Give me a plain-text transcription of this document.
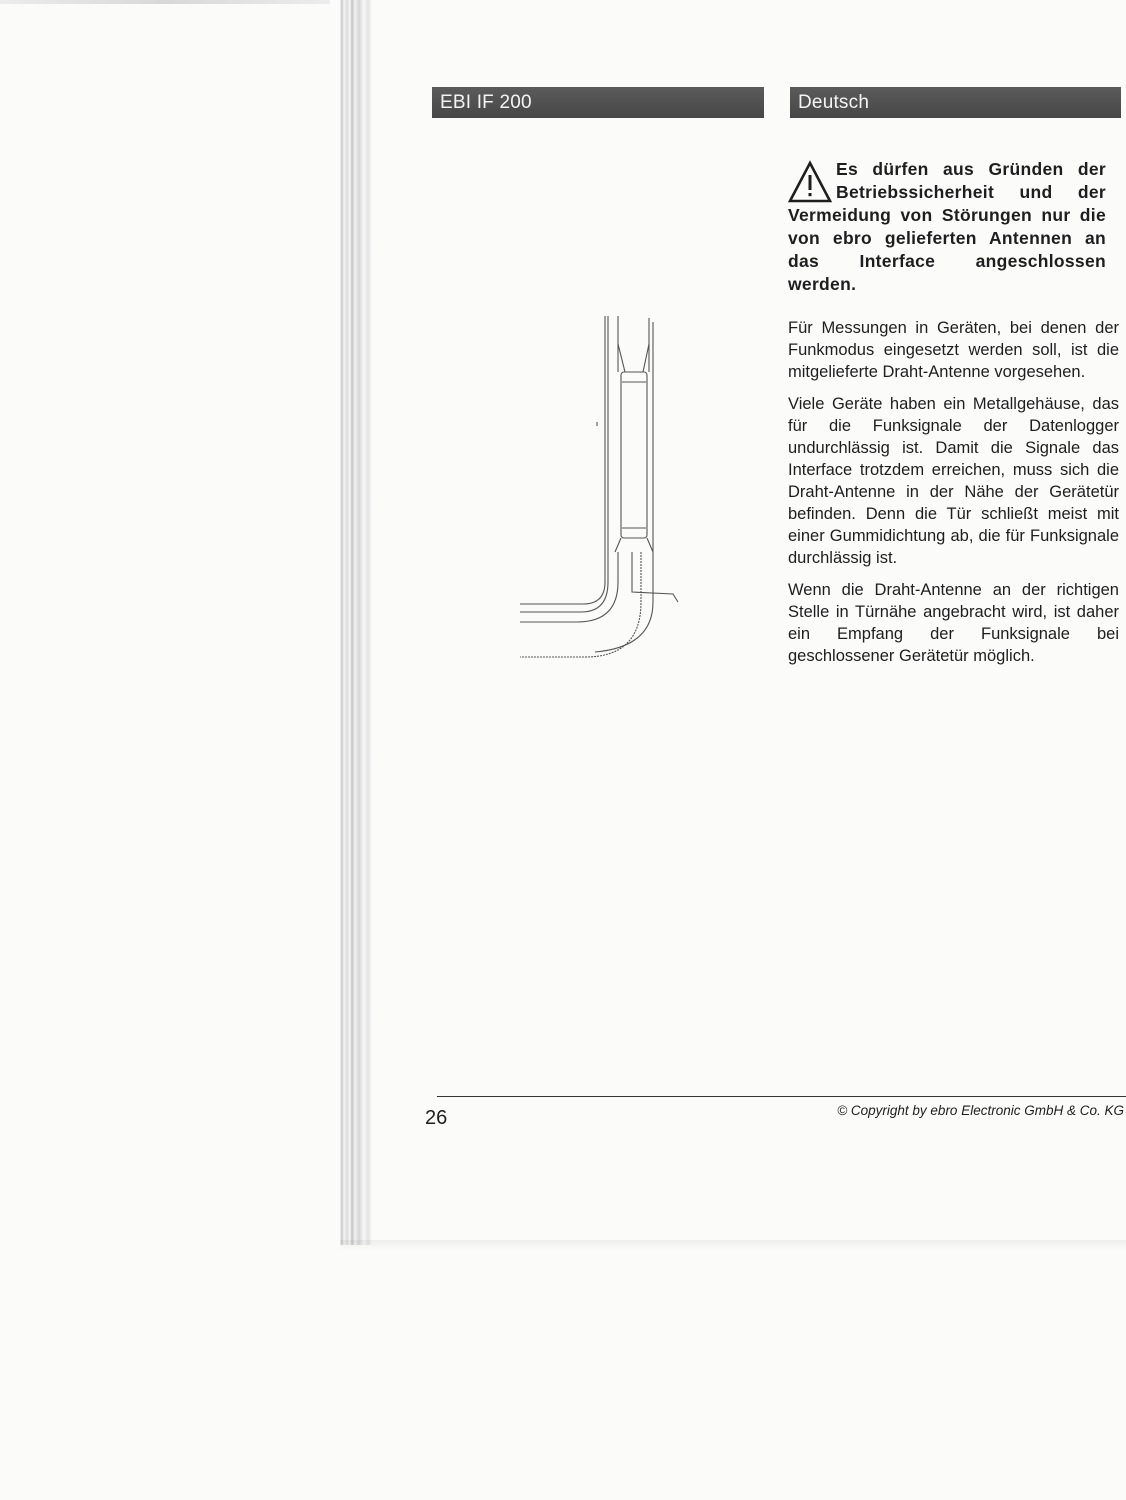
EBI IF 200	Deutsch
Es dürfen aus Gründen der Betriebssicherheit und der Vermeidung von Störungen nur die von ebro gelieferten Antennen an das Interface angeschlossen werden.

Für Messungen in Geräten, bei denen der Funkmodus eingesetzt werden soll, ist die mitgelieferte Draht-Antenne vorgesehen.

Viele Geräte haben ein Metallgehäuse, das für die Funksignale der Datenlogger undurchlässig ist. Damit die Signale das Interface trotzdem erreichen, muss sich die Draht-Antenne in der Nähe der Gerätetür befinden. Denn die Tür schließt meist mit einer Gummidichtung ab, die für Funksignale durchlässig ist.

Wenn die Draht-Antenne an der richtigen Stelle in Türnähe angebracht wird, ist daher ein Empfang der Funksignale bei geschlossener Gerätetür möglich.

26	© Copyright by ebro Electronic GmbH & Co. KG
